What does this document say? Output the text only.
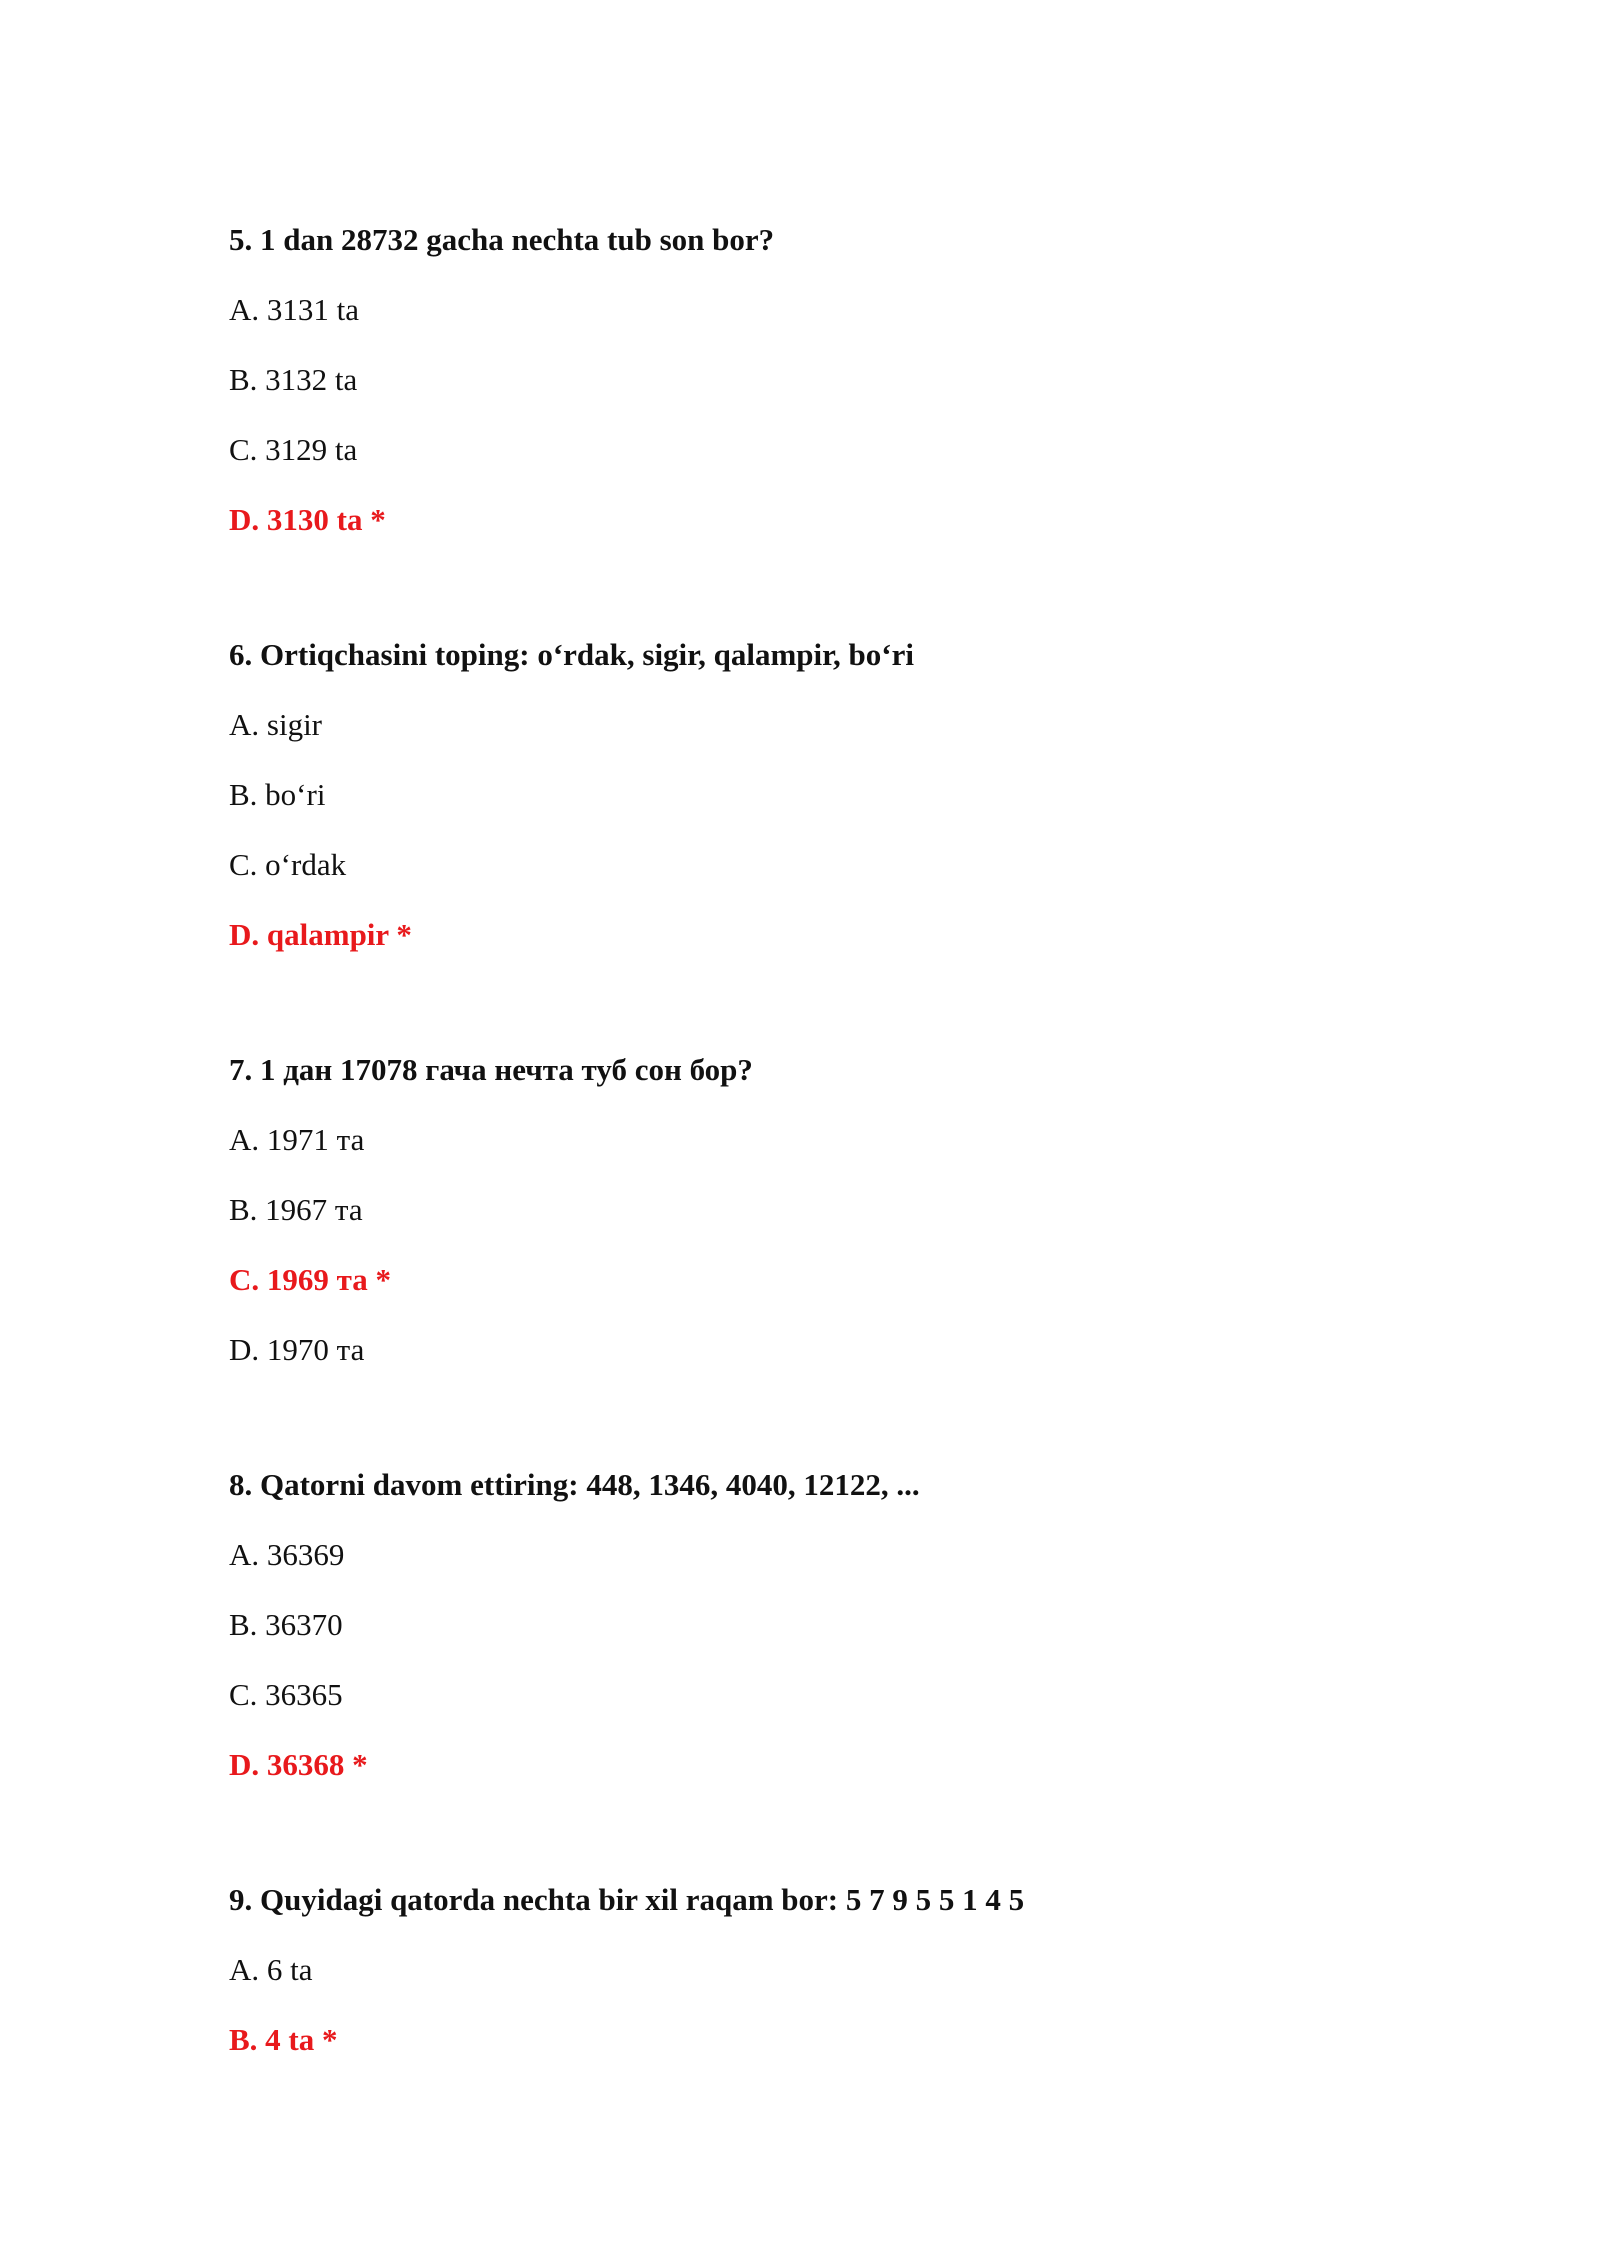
5. 1 dan 28732 gacha nechta tub son bor?
A. 3131 ta
B. 3132 ta
C. 3129 ta
D. 3130 ta *
6. Ortiqchasini toping: o‘rdak, sigir, qalampir, bo‘ri
A. sigir
B. bo‘ri
C. o‘rdak
D. qalampir *
7. 1 дан 17078 гача нечта туб сон бор?
A. 1971 та
B. 1967 та
C. 1969 та *
D. 1970 та
8. Qatorni davom ettiring: 448, 1346, 4040, 12122, ...
A. 36369
B. 36370
C. 36365
D. 36368 *
9. Quyidagi qatorda nechta bir xil raqam bor: 5 7 9 5 5 1 4 5
A. 6 ta
B. 4 ta *
